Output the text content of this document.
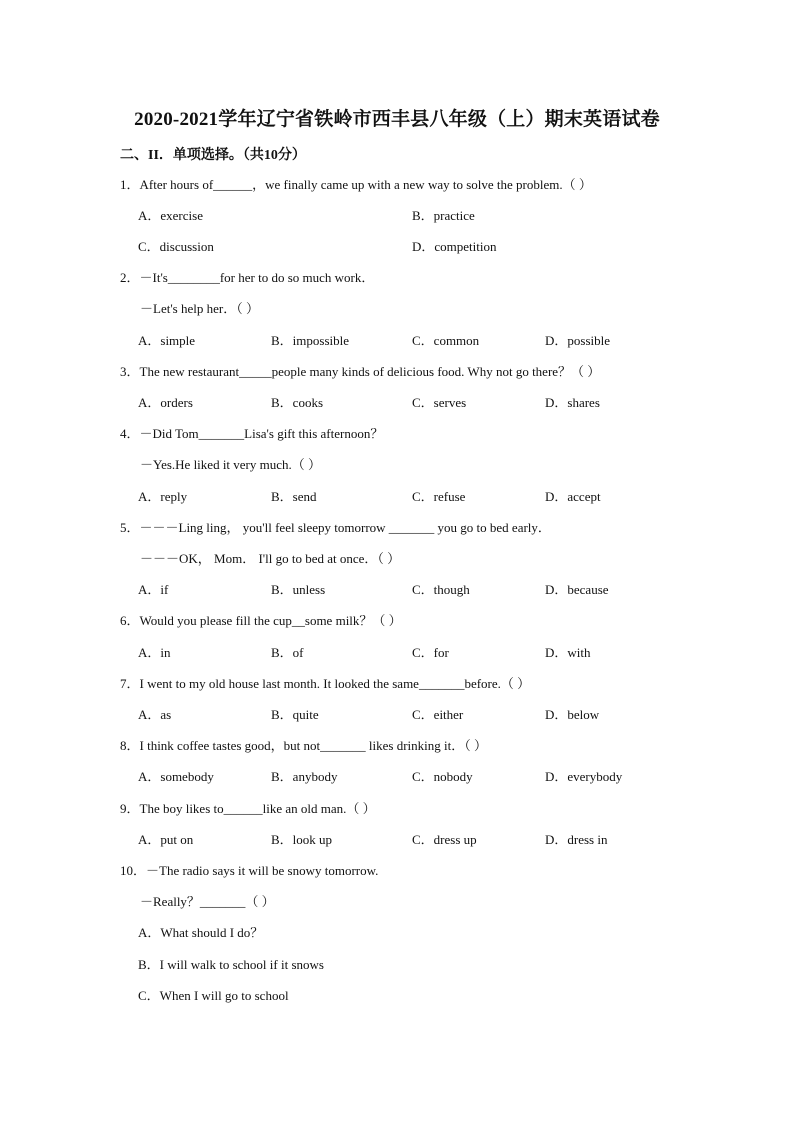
2020-2021学年辽宁省铁岭市西丰县八年级（上）期末英语试卷
二、II．单项选择。（共10分）
1．After hours of______，we finally came up with a new way to solve the problem.（ ）
A．exercise	B．practice
C．discussion	D．competition
2．－It's________for her to do so much work．
－Let's help her．（ ）
A．simple	B．impossible	C．common	D．possible
3．The new restaurant_____people many kinds of delicious food. Why not go there？（ ）
A．orders	B．cooks	C．serves	D．shares
4．－Did Tom_______Lisa's gift this afternoon？
－Yes.He liked it very much.（ ）
A．reply	B．send	C．refuse	D．accept
5．－－－Ling ling， you'll feel sleepy tomorrow _______ you go to bed early．
－－－OK， Mom． I'll go to bed at once．（ ）
A．if	B．unless	C．though	D．because
6．Would you please fill the cup__some milk？（ ）
A．in	B．of	C．for	D．with
7．I went to my old house last month. It looked the same_______before.（ ）
A．as	B．quite	C．either	D．below
8．I think coffee tastes good，but not_______ likes drinking it．（ ）
A．somebody	B．anybody	C．nobody	D．everybody
9．The boy likes to______like an old man.（ ）
A．put on	B．look up	C．dress up	D．dress in
10．－The radio says it will be snowy tomorrow.
－Really？_______（ ）
A．What should I do？
B．I will walk to school if it snows
C．When I will go to school
